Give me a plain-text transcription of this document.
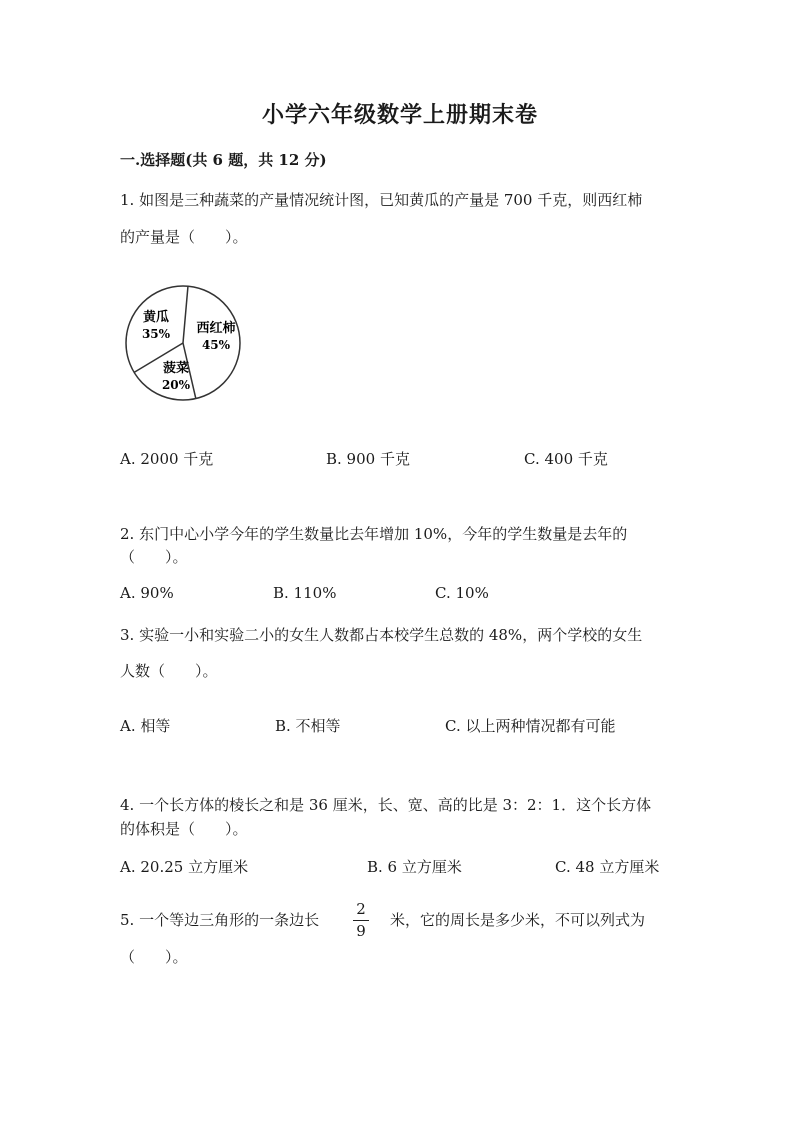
小学六年级数学上册期末卷
一.选择题(共 6 题，共 12 分)
1. 如图是三种蔬菜的产量情况统计图，已知黄瓜的产量是 700 千克，则西红柿
的产量是（　　）。
黄瓜
35% 西红柿
45%
菠菜
20%
A. 2000 千克	B. 900 千克	C. 400 千克
2. 东门中心小学今年的学生数量比去年增加 10%，今年的学生数量是去年的
（　　）。
A. 90%	B. 110%	C. 10%
3. 实验一小和实验二小的女生人数都占本校学生总数的 48%，两个学校的女生
人数（　　）。
A. 相等	B. 不相等	C. 以上两种情况都有可能
4. 一个长方体的棱长之和是 36 厘米，长、宽、高的比是 3：2：1．这个长方体
的体积是（　　）。
A. 20.25 立方厘米	B. 6 立方厘米	C. 48 立方厘米
5. 一个等边三角形的一条边长
2
9
米，它的周长是多少米，不可以列式为
（　　）。
